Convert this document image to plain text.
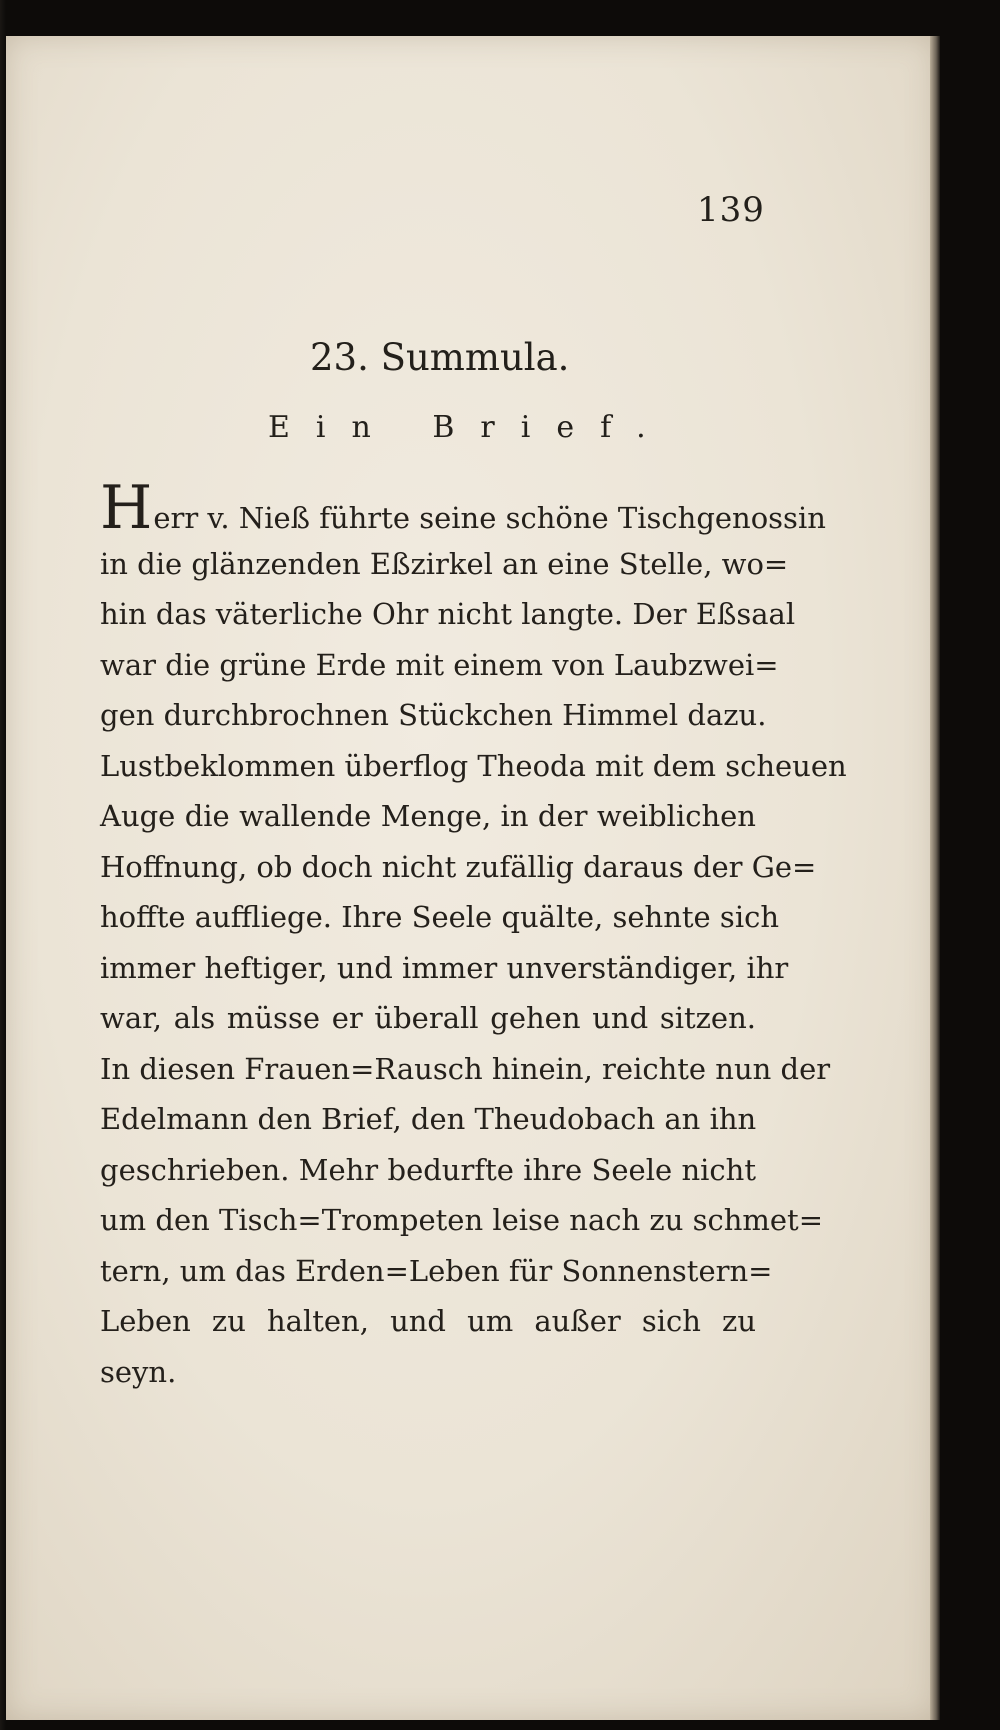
139
23. Summula.
Ein Brief.
H err v. Nieß führte seine schöne Tischgenossin
in die glänzenden Eßzirkel an eine Stelle, wo=
hin das väterliche Ohr nicht langte. Der Eßsaal
war die grüne Erde mit einem von Laubzwei=
gen durchbrochnen Stückchen Himmel dazu.
Lustbeklommen überflog Theoda mit dem scheuen
Auge die wallende Menge, in der weiblichen
Hoffnung, ob doch nicht zufällig daraus der Ge=
hoffte auffliege. Ihre Seele quälte, sehnte sich
immer heftiger, und immer unverständiger, ihr
war, als müsse er überall gehen und sitzen.
In diesen Frauen=Rausch hinein, reichte nun der
Edelmann den Brief, den Theudobach an ihn
geschrieben. Mehr bedurfte ihre Seele nicht
um den Tisch=Trompeten leise nach zu schmet=
tern, um das Erden=Leben für Sonnenstern=
Leben zu halten, und um außer sich zu
seyn.
